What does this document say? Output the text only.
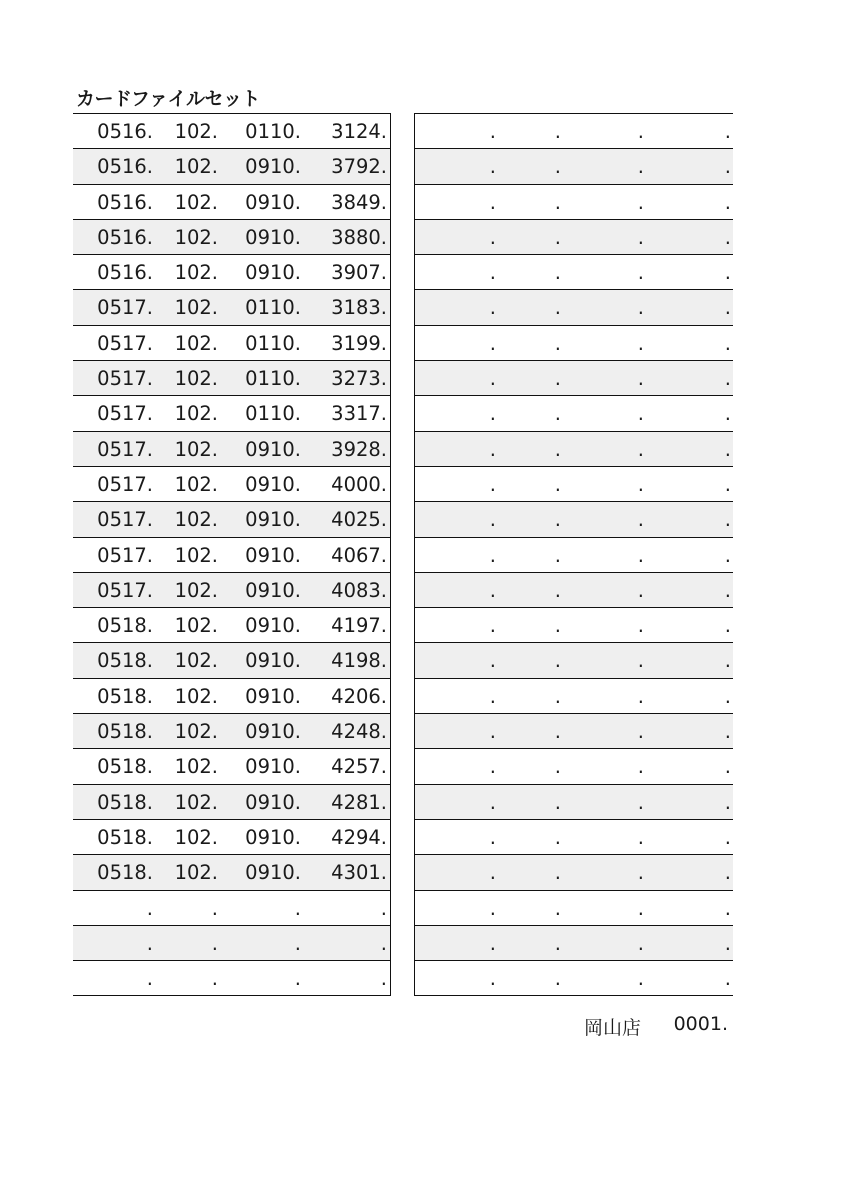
カードファイルセット
0516. 102. 0110. 3124.
0516. 102. 0910. 3792.
0516. 102. 0910. 3849.
0516. 102. 0910. 3880.
0516. 102. 0910. 3907.
0517. 102. 0110. 3183.
0517. 102. 0110. 3199.
0517. 102. 0110. 3273.
0517. 102. 0110. 3317.
0517. 102. 0910. 3928.
0517. 102. 0910. 4000.
0517. 102. 0910. 4025.
0517. 102. 0910. 4067.
0517. 102. 0910. 4083.
0518. 102. 0910. 4197.
0518. 102. 0910. 4198.
0518. 102. 0910. 4206.
0518. 102. 0910. 4248.
0518. 102. 0910. 4257.
0518. 102. 0910. 4281.
0518. 102. 0910. 4294.
0518. 102. 0910. 4301.
.	.	.	.
.	.	.	.
.	.	.	.
.	.	.	.
.	.	.	.
.	.	.	.
.	.	.	.
.	.	.	.
.	.	.	.
.	.	.	.
.	.	.	.
.	.	.	.
.	.	.	.
.	.	.	.
.	.	.	.
.	.	.	.
.	.	.	.
.	.	.	.
.	.	.	.
.	.	.	.
.	.	.	.
.	.	.	.
.	.	.	.
.	.	.	.
.	.	.	.
.	.	.	.
.	.	.	.
.	.	.	.
岡山店 0001.
